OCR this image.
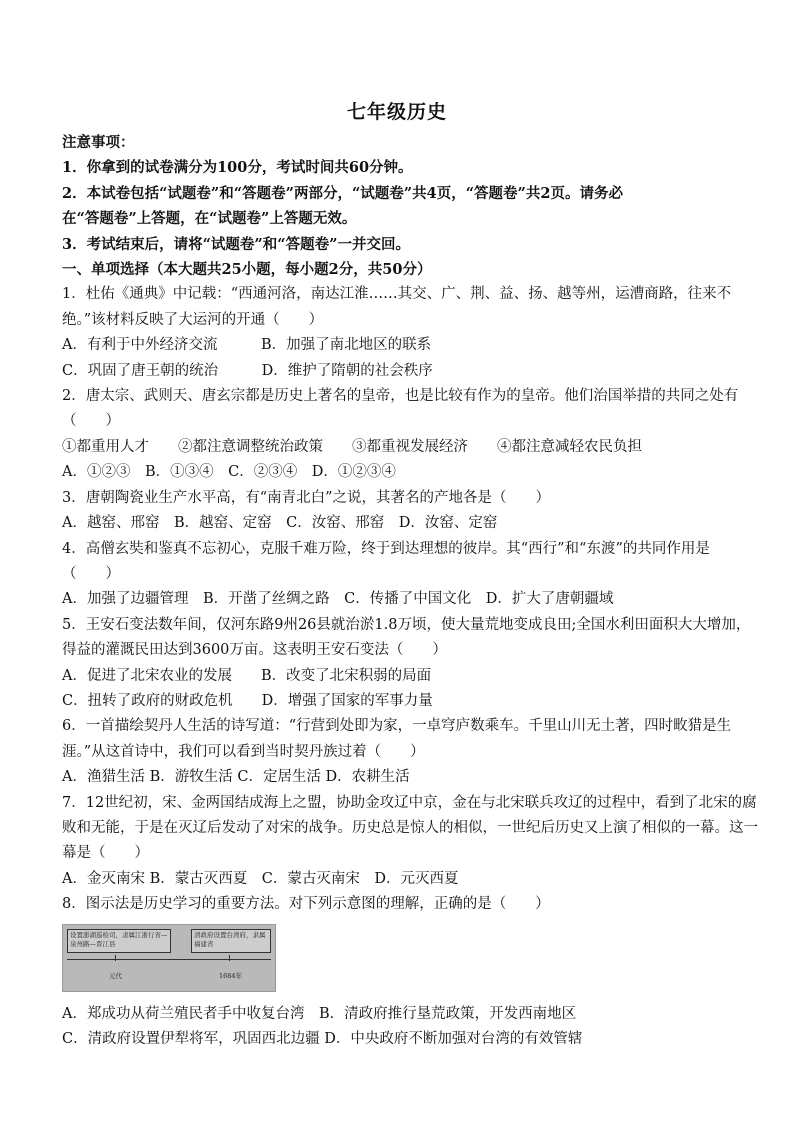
七年级历史
注意事项：
1．你拿到的试卷满分为100分，考试时间共60分钟。
2．本试卷包括“试题卷”和“答题卷”两部分，“试题卷”共4页，“答题卷”共2页。请务必
在“答题卷”上答题，在“试题卷”上答题无效。
3．考试结束后，请将“试题卷”和“答题卷”一并交回。
一、单项选择（本大题共25小题，每小题2分，共50分）
1．杜佑《通典》中记载：“西通河洛，南达江淮……其交、广、荆、益、扬、越等州，运漕商路，往来不
绝。”该材料反映了大运河的开通（　　）
A．有利于中外经济交流　　　B．加强了南北地区的联系
C．巩固了唐王朝的统治　　　D．维护了隋朝的社会秩序
2．唐太宗、武则天、唐玄宗都是历史上著名的皇帝，也是比较有作为的皇帝。他们治国举措的共同之处有
（　　）
①都重用人才　　②都注意调整统治政策　　③都重视发展经济　　④都注意减轻农民负担
A．①②③　B．①③④　C．②③④　D．①②③④
3．唐朝陶瓷业生产水平高，有“南青北白”之说，其著名的产地各是（　　）
A．越窑、邢窑　B．越窑、定窑　C．汝窑、邢窑　D．汝窑、定窑
4．高僧玄奘和鉴真不忘初心，克服千难万险，终于到达理想的彼岸。其“西行”和“东渡”的共同作用是
（　　）
A．加强了边疆管理　B．开凿了丝绸之路　C．传播了中国文化　D．扩大了唐朝疆域
5．王安石变法数年间，仅河东路9州26县就治淤1.8万顷，使大量荒地变成良田;全国水利田面积大大增加，
得益的灌溉民田达到3600万亩。这表明王安石变法（　　）
A．促进了北宋农业的发展　　B．改变了北宋积弱的局面
C．扭转了政府的财政危机　　D．增强了国家的军事力量
6．一首描绘契丹人生活的诗写道：“行营到处即为家，一卓穹庐数乘车。千里山川无土著，四时畋猎是生
涯。”从这首诗中，我们可以看到当时契丹族过着（　　）
A．渔猎生活 B．游牧生活 C．定居生活 D．农耕生活
7．12世纪初，宋、金两国结成海上之盟，协助金攻辽中京，金在与北宋联兵攻辽的过程中，看到了北宋的腐
败和无能，于是在灭辽后发动了对宋的战争。历史总是惊人的相似，一世纪后历史又上演了相似的一幕。这一
幕是（　　）
A．金灭南宋 B．蒙古灭西夏　C．蒙古灭南宋　D．元灭西夏
8．图示法是历史学习的重要方法。对下列示意图的理解，正确的是（　　）
设置澎湖巡检司，隶属江浙行省—泉州路—晋江县
清政府设置台湾府，隶属福建省
元代	1684年
A．郑成功从荷兰殖民者手中收复台湾　B．清政府推行垦荒政策，开发西南地区
C．清政府设置伊犁将军，巩固西北边疆 D．中央政府不断加强对台湾的有效管辖
